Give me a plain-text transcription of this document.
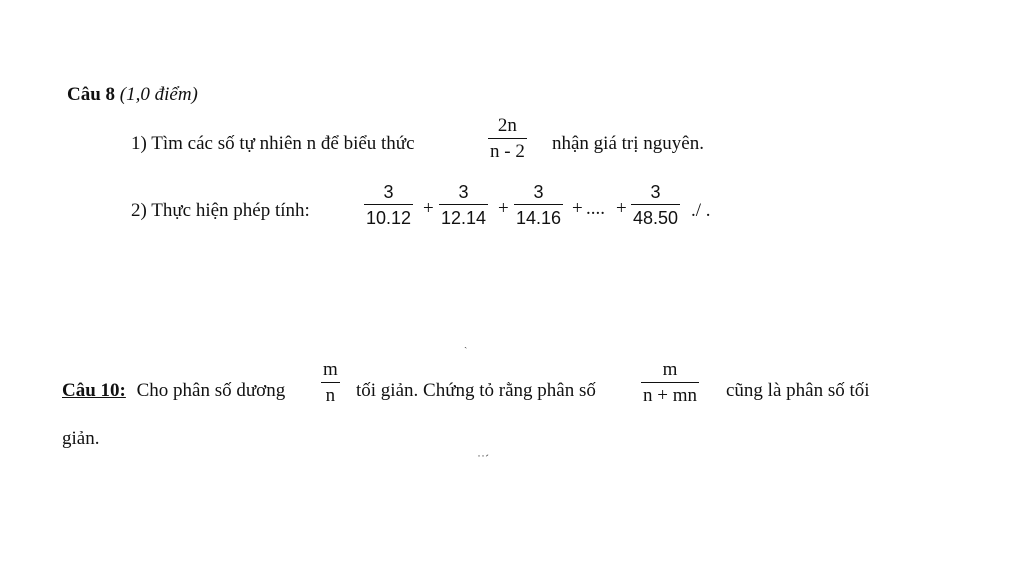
Câu 8 (1,0 điểm)
1) Tìm các số tự nhiên n để biểu thức
2n
n - 2 nhận giá trị nguyên.
2) Thực hiện phép tính:
3
10.12 +
3
12.14 +
3
14.16 + .... +
3
48.50 ./ .
ˏ
Câu 10: Cho phân số dương
m
n tối giản. Chứng tỏ rằng phân số
m
n + mn cũng là phân số tối
giản.
˙˙ˊ
